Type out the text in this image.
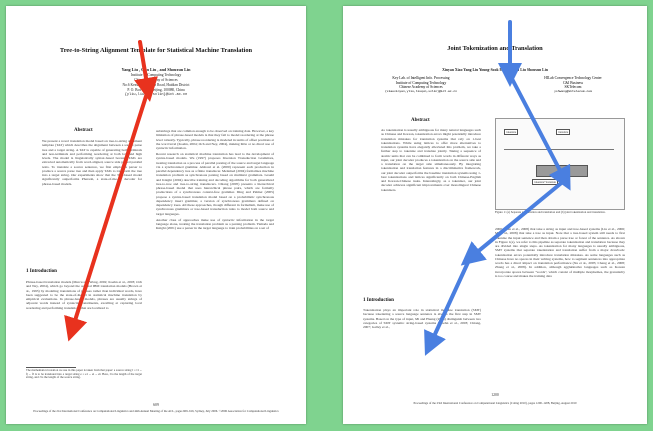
Tree-to-String Alignment Template for Statistical Machine Translation
Yang Liu , Qun Liu , and Shouxun Lin
Institute of Computing Technology
Chinese Academy of Sciences
No.6 Kexueyuan South Road, Haidian District
P. O. Box 2704, Beijing, 100080, China
{yliu,liuqun,sxlin}@ict.ac.cn
Abstract

We present a novel translation model based on tree-to-string alignment template (TAT) which describes the alignment between a source parse tree and a target string. A TAT is capable of generating both terminals and non-terminals and performing reordering at both low and high levels. The model is linguistically syntax-based because TATs are extracted automatically from word-aligned, source side parsed parallel texts. To translate a source sentence, we first employ a parser to produce a source parse tree and then apply TATs to transform the tree into a target string. Our experiments show that the TAT-based model significantly outperforms Pharaoh, a state-of-the-art decoder for phrase-based models.

1 Introduction

Phrase-based translation models (Marcu and Wong, 2002; Koehn et al., 2003; Och and Ney, 2004), which go beyond the original IBM translation models (Brown et al., 1993) by modeling translations of phrases rather than individual words, have been suggested to be the state-of-the-art in statistical machine translation by empirical evaluations. In phrase-based models, phrases are usually strings of adjacent words instead of syntactic constituents, excelling at capturing local reordering and performing translations that are localized to

The mathematical notation we use in this paper is taken from that paper: a source string f = f1 ... fj ... fJ is to be translated into a target string e = e1 ... ei ... eI. Here, I is the length of the target string, and J is the length of the source string.

substrings that are common enough to be observed on training data. However, a key limitation of phrase-based models is that they fail to model reordering at the phrase level robustly. Typically, phrase reordering is modeled in terms of offset positions at the word level (Koehn, 2004; Och and Ney, 2004), making little or no direct use of syntactic information.

Recent research on statistical machine translation has lead to the development of syntax-based models. Wu (1997) proposes Inversion Transduction Grammars, treating translation as a process of parallel parsing of the source and target language via a synchronized grammar. Alshawi et al. (2000) represent each production in parallel dependency tree as a finite transducer. Melamed (2004) formalizes machine translation problem as synchronous parsing based on multitext grammars. Graehl and Knight (2004) describe training and decoding algorithms for both generalized tree-to-tree and tree-to-string transducers. Chiang (2005) presents a hierarchical phrase-based model that uses hierarchical phrase pairs, which are formally productions of a synchronous context-free grammar. Ding and Palmer (2005) propose a syntax-based translation model based on a probabilistic synchronous dependency insert grammar, a version of synchronous grammars defined on dependency trees. All these approaches, though different in formalism, make use of synchronous grammars or tree-based transduction rules to model both source and target languages.

Another class of approaches make use of syntactic information in the target language alone, treating the translation problem as a parsing problem. Yamada and Knight (2001) use a parser in the target language to train probabilities on a set of

609
Proceedings of the 21st International Conference on Computational Linguistics and 44th Annual Meeting of the ACL, pages 609–616, Sydney, July 2006. ©2006 Association for Computational Linguistics
Joint Tokenization and Translation
Xinyan Xiao Yang Liu Young-Sook Hwang Qun Liu Shouxun Lin
Key Lab. of Intelligent Info. Processing
Institute of Computing Technology
Chinese Academy of Sciences
{xiaoxinyan,yliu,liuqun,sxlin}@ict.ac.cn
HILab Convergence Technology Center
C&I Business
SKTelecom
yshwang@sktelecom.com
Abstract

As tokenization is usually ambiguous for many natural languages such as Chinese and Korean, tokenization errors might potentially introduce translation mistakes for translation systems that rely on 1-best tokenizations. While using lattices to offer more alternatives to translation systems have elegantly alleviated this problem, we take a further step to tokenize and translate jointly. Taking a sequence of atomic units that can be combined to form words in different ways as input, our joint decoder produces a tokenization on the source side and a translation on the target side simultaneously. By integrating tokenization and translation features in a discriminative framework, our joint decoder outperforms the baseline translation systems using 1-best tokenizations and lattices significantly on both Chinese-English and Korean-Chinese tasks. Interestingly, as a tokenizer, our joint decoder achieves significant improvements over monolingual Chinese tokenizers.

1 Introduction

Tokenization plays an important role in statistical machine translation (SMT) because tokenizing a source language sentence is always the first step in SMT systems. Based on the type of input, Mi and Huang (2008) distinguish between two categories of SMT systems: string-based systems (Koehn et al., 2003; Chiang, 2007; Galley et al.,

tokenize	translate
tokenize+translate
Figure 1: (a) Separate tokenization and translation and (b) joint tokenization and translation.

2006; Shen et al., 2008) that take a string as input and tree-based systems (Liu et al., 2006; Mi et al., 2008) that take a tree as input. Note that a tree-based system still needs to first tokenize the input sentence and then obtain a parse tree or forest of the sentence. As shown in Figure 1(a), we refer to this pipeline as separate tokenization and translation because they are divided into single steps. As tokenization for many languages is usually ambiguous, SMT systems that separate tokenization and translation suffer from a major drawback: tokenization errors potentially introduce translation mistakes. As some languages such as Chinese have no spaces in their writing systems, how to segment sentences into appropriate words has a direct impact on translation performance (Xu et al., 2005; Chang et al., 2008; Zhang et al., 2008). In addition, although agglutinative languages such as Korean incorporate spaces between "words", which consist of multiple morphemes, the granularity is too coarse and makes the training data

1200
Proceedings of the 23rd International Conference on Computational Linguistics (Coling 2010), pages 1200–1208, Beijing, August 2010
